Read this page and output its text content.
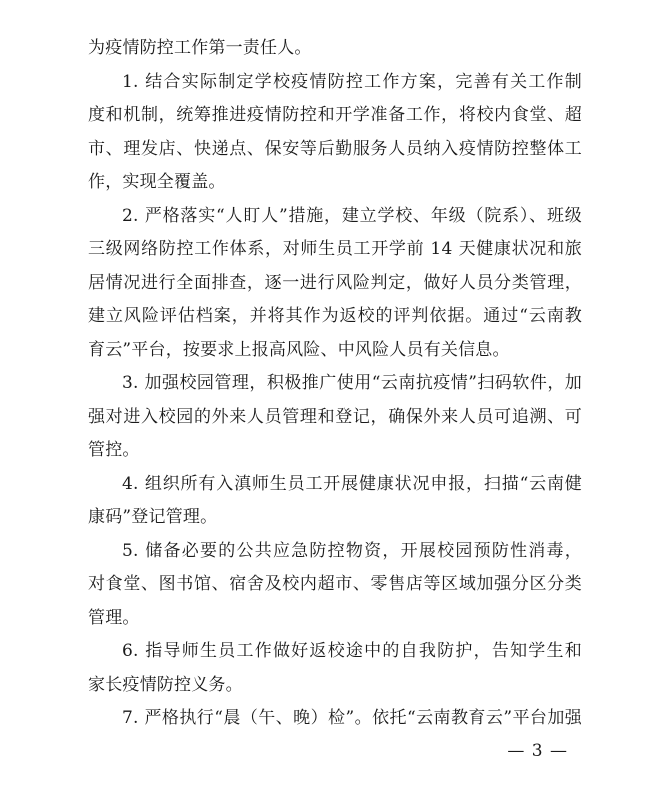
为疫情防控工作第一责任人。
1. 结合实际制定学校疫情防控工作方案，完善有关工作制
度和机制，统筹推进疫情防控和开学准备工作，将校内食堂、超
市、理发店、快递点、保安等后勤服务人员纳入疫情防控整体工
作，实现全覆盖。
2. 严格落实“人盯人”措施，建立学校、年级（院系）、班级
三级网络防控工作体系，对师生员工开学前 14 天健康状况和旅
居情况进行全面排查，逐一进行风险判定，做好人员分类管理，
建立风险评估档案，并将其作为返校的评判依据。通过“云南教
育云”平台，按要求上报高风险、中风险人员有关信息。
3. 加强校园管理，积极推广使用“云南抗疫情”扫码软件，加
强对进入校园的外来人员管理和登记，确保外来人员可追溯、可
管控。
4. 组织所有入滇师生员工开展健康状况申报，扫描“云南健
康码”登记管理。
5. 储备必要的公共应急防控物资，开展校园预防性消毒，
对食堂、图书馆、宿舍及校内超市、零售店等区域加强分区分类
管理。
6. 指导师生员工作做好返校途中的自我防护，告知学生和
家长疫情防控义务。
7. 严格执行“晨（午、晚）检”。依托“云南教育云”平台加强
— 3 —
